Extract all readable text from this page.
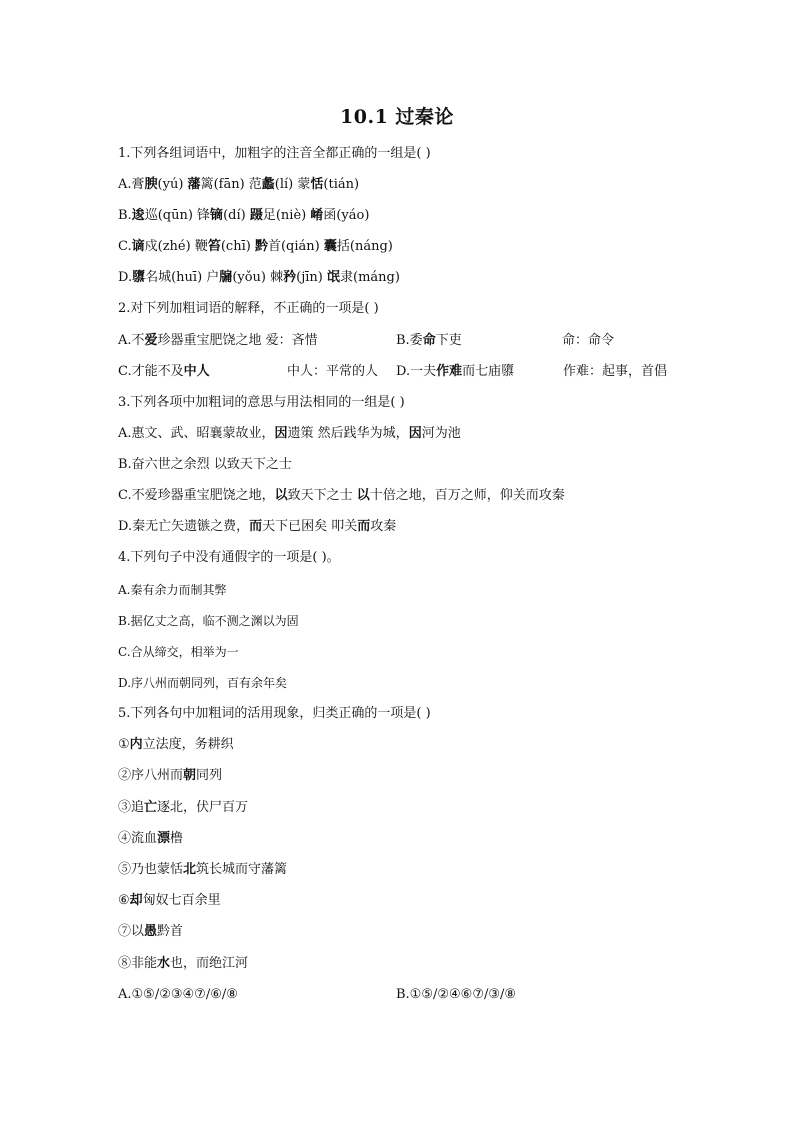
10.1 过秦论
1.下列各组词语中，加粗字的注音全都正确的一组是( )
A.膏腴(yú) 藩篱(fān) 范蠡(lí) 蒙恬(tián)
B.逡巡(qūn) 锋镝(dí) 蹑足(niè) 崤函(yáo)
C.谪戍(zhé) 鞭笞(chī) 黔首(qián) 囊括(náng)
D.隳名城(huī) 户牖(yǒu) 棘矜(jīn) 氓隶(máng)
2.对下列加粗词语的解释，不正确的一项是( )
A.不爱珍器重宝肥饶之地 爱：吝惜	B.委命下吏	命：命令
C.才能不及中人	中人：平常的人 D.一夫作难而七庙隳	作难：起事，首倡
3.下列各项中加粗词的意思与用法相同的一组是( )
A.惠文、武、昭襄蒙故业，因遗策 然后践华为城，因河为池
B.奋六世之余烈 以致天下之士
C.不爱珍器重宝肥饶之地，以致天下之士 以十倍之地，百万之师，仰关而攻秦
D.秦无亡矢遗镞之费，而天下已困矣 叩关而攻秦
4.下列句子中没有通假字的一项是( )。
A.秦有余力而制其弊
B.据亿丈之高，临不测之渊以为固
C.合从缔交，相举为一
D.序八州而朝同列，百有余年矣
5.下列各句中加粗词的活用现象，归类正确的一项是( )
①内立法度，务耕织
②序八州而朝同列
③追亡逐北，伏尸百万
④流血漂橹
⑤乃也蒙恬北筑长城而守藩篱
⑥却匈奴七百余里
⑦以愚黔首
⑧非能水也，而绝江河
A.①⑤/②③④⑦/⑥/⑧	B.①⑤/②④⑥⑦/③/⑧
